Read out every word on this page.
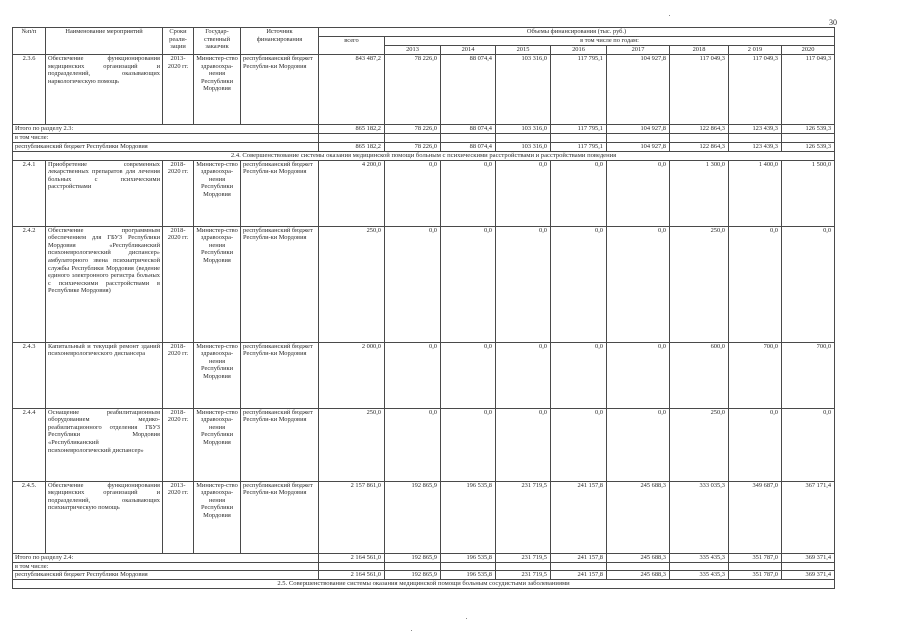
30
№п/п	Наименование мероприятий	Сроки реали-зации	Государ-ственный заказчик	Источник финансирования	Объемы финансирования (тыс. руб.)								
					всего	в том числе по годам:							
						2013	2014	2015	2016	2017	2018	2 019	2020
2.3.6	Обеспечение функционирования медицинских организаций и подразделений, оказывающих наркологическую помощь	2013-2020 гг.	Министер-ство здравоохра-нения Республики Мордовия	республиканский бюджет Республи-ки Мордовия	843 487,2	78 226,0	88 074,4	103 316,0	117 795,1	104 927,8	117 049,3	117 049,3	117 049,3
Итого по разделу 2.3:					865 182,2	78 226,0	88 074,4	103 316,0	117 795,1	104 927,8	122 864,3	123 439,3	126 539,3
в том числе:													
республиканский бюджет Республики Мордовия					865 182,2	78 226,0	88 074,4	103 316,0	117 795,1	104 927,8	122 864,3	123 439,3	126 539,3
2.4. Совершенствование системы оказания медицинской помощи больным с психическими расстройствами и расстройствами поведения													
2.4.1	Приобретение современных лекарственных препаратов для лечения больных с психическими расстройствами	2018-2020 гг.	Министер-ство здравоохра-нения Республики Мордовия	республиканский бюджет Республи-ки Мордовия	4 200,0	0,0	0,0	0,0	0,0	0,0	1 300,0	1 400,0	1 500,0
2.4.2	Обеспечение программным обеспечением для ГБУЗ Республики Мордовия «Республиканский психоневрологический диспансер» амбулаторного звена психиатрической службы Республики Мордовия (ведение единого электронного регистра больных с психическими расстройствами в Республике Мордовия)	2018-2020 гг.	Министер-ство здравоохра-нения Республики Мордовия	республиканский бюджет Республи-ки Мордовия	250,0	0,0	0,0	0,0	0,0	0,0	250,0	0,0	0,0
2.4.3	Капитальный и текущий ремонт зданий психоневрологического диспансера	2018-2020 гг.	Министер-ство здравоохра-нения Республики Мордовия	республиканский бюджет Республи-ки Мордовия	2 000,0	0,0	0,0	0,0	0,0	0,0	600,0	700,0	700,0
2.4.4	Оснащение реабилитационным оборудованием медико-реабилитационного отделения ГБУЗ Республики Мордовия «Республиканский психоневрологический диспансер»	2018-2020 гг.	Министер-ство здравоохра-нения Республики Мордовия	республиканский бюджет Республи-ки Мордовия	250,0	0,0	0,0	0,0	0,0	0,0	250,0	0,0	0,0
2.4.5.	Обеспечение функционирования медицинских организаций и подразделений, оказывающих психиатрическую помощь	2013-2020 гг.	Министер-ство здравоохра-нения Республики Мордовия	республиканский бюджет Республи-ки Мордовия	2 157 861,0	192 865,9	196 535,8	231 719,5	241 157,8	245 688,3	333 035,3	349 687,0	367 171,4
Итого по разделу 2.4:					2 164 561,0	192 865,9	196 535,8	231 719,5	241 157,8	245 688,3	335 435,3	351 787,0	369 371,4
в том числе:													
республиканский бюджет Республики Мордовия					2 164 561,0	192 865,9	196 535,8	231 719,5	241 157,8	245 688,3	335 435,3	351 787,0	369 371,4
2.5. Совершенствование системы оказания медицинской помощи больным сосудистыми заболеваниями													
